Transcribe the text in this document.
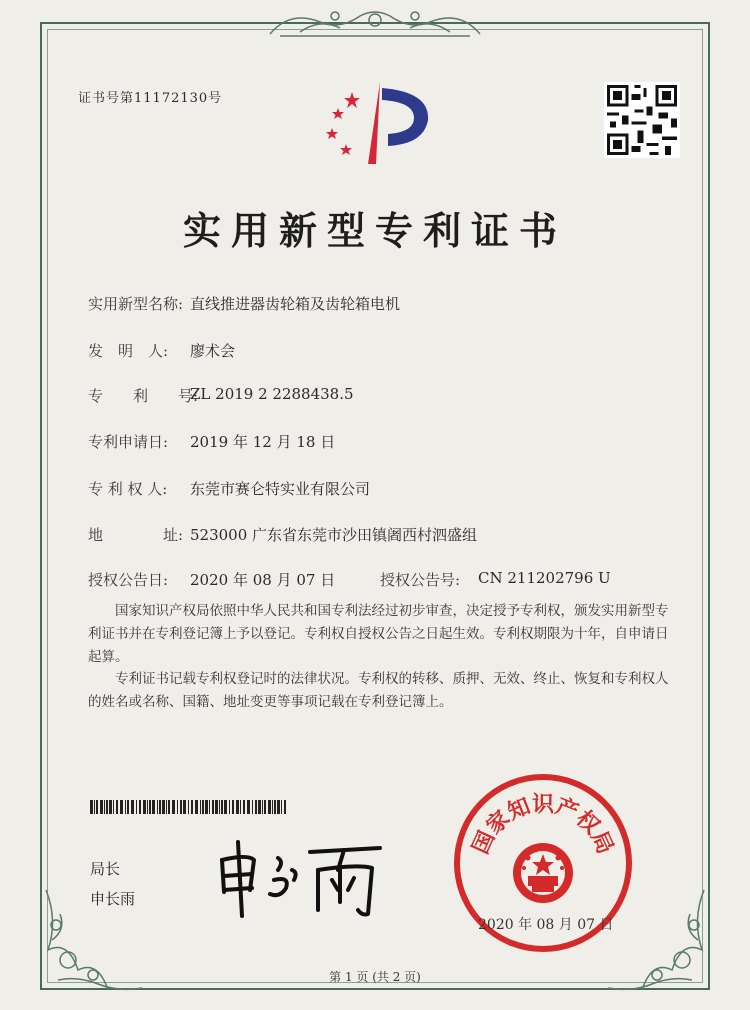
证书号第11172130号
实用新型专利证书
实用新型名称: 直线推进器齿轮箱及齿轮箱电机
发　明　人: 廖术会
专　　利　　号:
ZL 2019 2 2288438.5
专利申请日: 2019 年 12 月 18 日
专 利 权 人: 东莞市赛仑特实业有限公司
地　　　　址: 523000 广东省东莞市沙田镇阇西村泗盛组
授权公告日: 2020 年 08 月 07 日	授权公告号: CN 211202796 U
　　国家知识产权局依照中华人民共和国专利法经过初步审查，决定授予专利权，颁发实用新型专利证书并在专利登记簿上予以登记。专利权自授权公告之日起生效。专利权期限为十年，自申请日起算。
　　专利证书记载专利权登记时的法律状况。专利权的转移、质押、无效、终止、恢复和专利权人的姓名或名称、国籍、地址变更等事项记载在专利登记簿上。
局长
申长雨
国家知识产权局
2020 年 08 月 07 日
第 1 页 (共 2 页)
